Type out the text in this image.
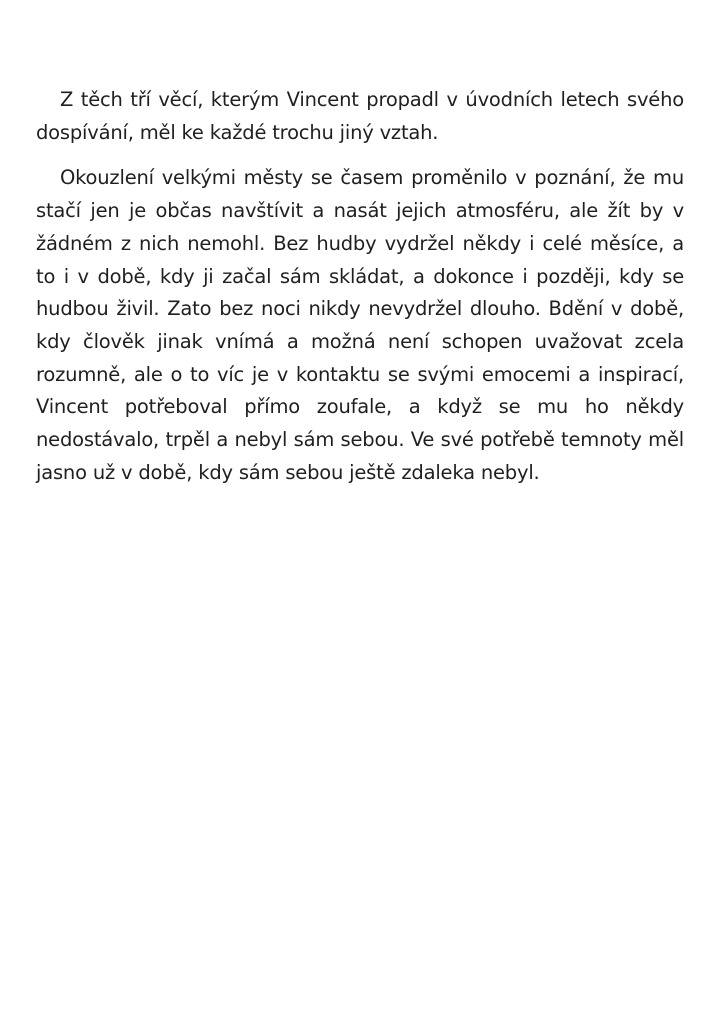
Z těch tří věcí, kterým Vincent propadl v úvodních letech svého dospívání, měl ke každé trochu jiný vztah.

Okouzlení velkými městy se časem proměnilo v poznání, že mu stačí jen je občas navštívit a nasát jejich atmosféru, ale žít by v žádném z nich nemohl. Bez hudby vydržel někdy i celé měsíce, a to i v době, kdy ji začal sám skládat, a dokonce i později, kdy se hudbou živil. Zato bez noci nikdy nevydržel dlouho. Bdění v době, kdy člověk jinak vnímá a možná není schopen uvažovat zcela rozumně, ale o to víc je v kontaktu se svými emocemi a inspirací, Vincent potřeboval přímo zoufale, a když se mu ho někdy nedostávalo, trpěl a nebyl sám sebou. Ve své potřebě temnoty měl jasno už v době, kdy sám sebou ještě zdaleka nebyl.
